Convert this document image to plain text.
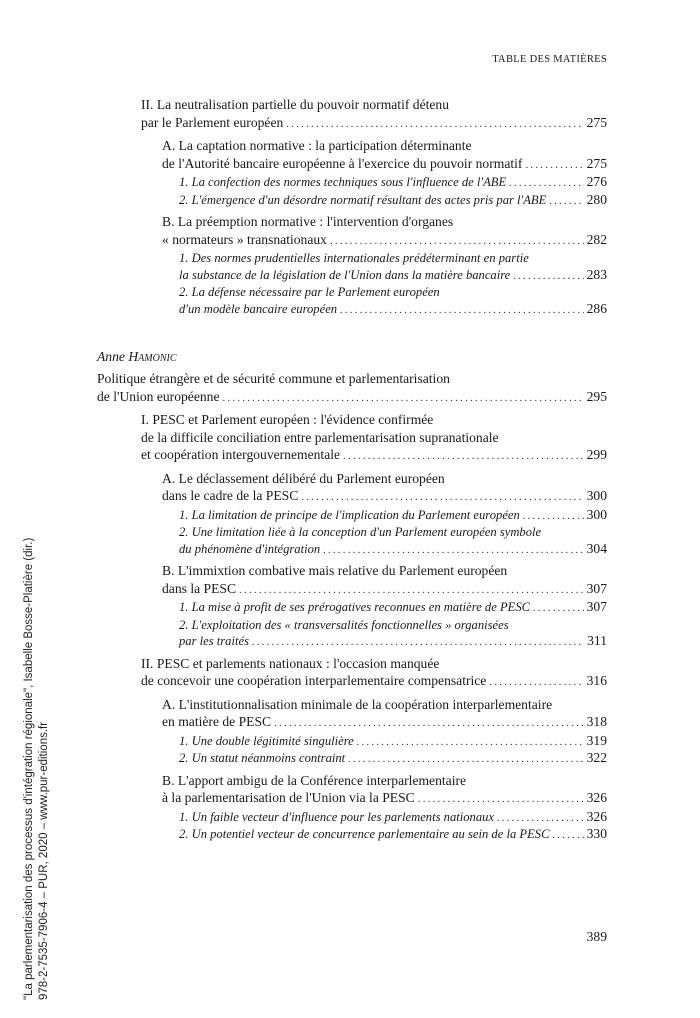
TABLE DES MATIÈRES
II. La neutralisation partielle du pouvoir normatif détenu
par le Parlement européen .....	275
A. La captation normative : la participation déterminante
de l'Autorité bancaire européenne à l'exercice du pouvoir normatif .....	275
1. La confection des normes techniques sous l'influence de l'ABE .....	276
2. L'émergence d'un désordre normatif résultant des actes pris par l'ABE .....	280
B. La préemption normative : l'intervention d'organes
« normateurs » transnationaux .....	282
1. Des normes prudentielles internationales prédéterminant en partie
la substance de la législation de l'Union dans la matière bancaire .....	283
2. La défense nécessaire par le Parlement européen
d'un modèle bancaire européen .....	286
Anne Hamonic
Politique étrangère et de sécurité commune et parlementarisation
de l'Union européenne .....	295
I. PESC et Parlement européen : l'évidence confirmée
de la difficile conciliation entre parlementarisation supranationale
et coopération intergouvernementale .....	299
A. Le déclassement délibéré du Parlement européen
dans le cadre de la PESC .....	300
1. La limitation de principe de l'implication du Parlement européen .....	300
2. Une limitation liée à la conception d'un Parlement européen symbole
du phénomène d'intégration .....	304
B. L'immixtion combative mais relative du Parlement européen
dans la PESC .....	307
1. La mise à profit de ses prérogatives reconnues en matière de PESC .....	307
2. L'exploitation des « transversalités fonctionnelles » organisées
par les traités .....	311
II. PESC et parlements nationaux : l'occasion manquée
de concevoir une coopération interparlementaire compensatrice .....	316
A. L'institutionnalisation minimale de la coopération interparlementaire
en matière de PESC .....	318
1. Une double légitimité singulière .....	319
2. Un statut néanmoins contraint .....	322
B. L'apport ambigu de la Conférence interparlementaire
à la parlementarisation de l'Union via la PESC .....	326
1. Un faible vecteur d'influence pour les parlements nationaux .....	326
2. Un potentiel vecteur de concurrence parlementaire au sein de la PESC .....	330
389
"La parlementarisation des processus d'intégration régionale", Isabelle Bosse-Platière (dir.) 978-2-7535-7906-4 – PUR, 2020 – www.pur-editions.fr
